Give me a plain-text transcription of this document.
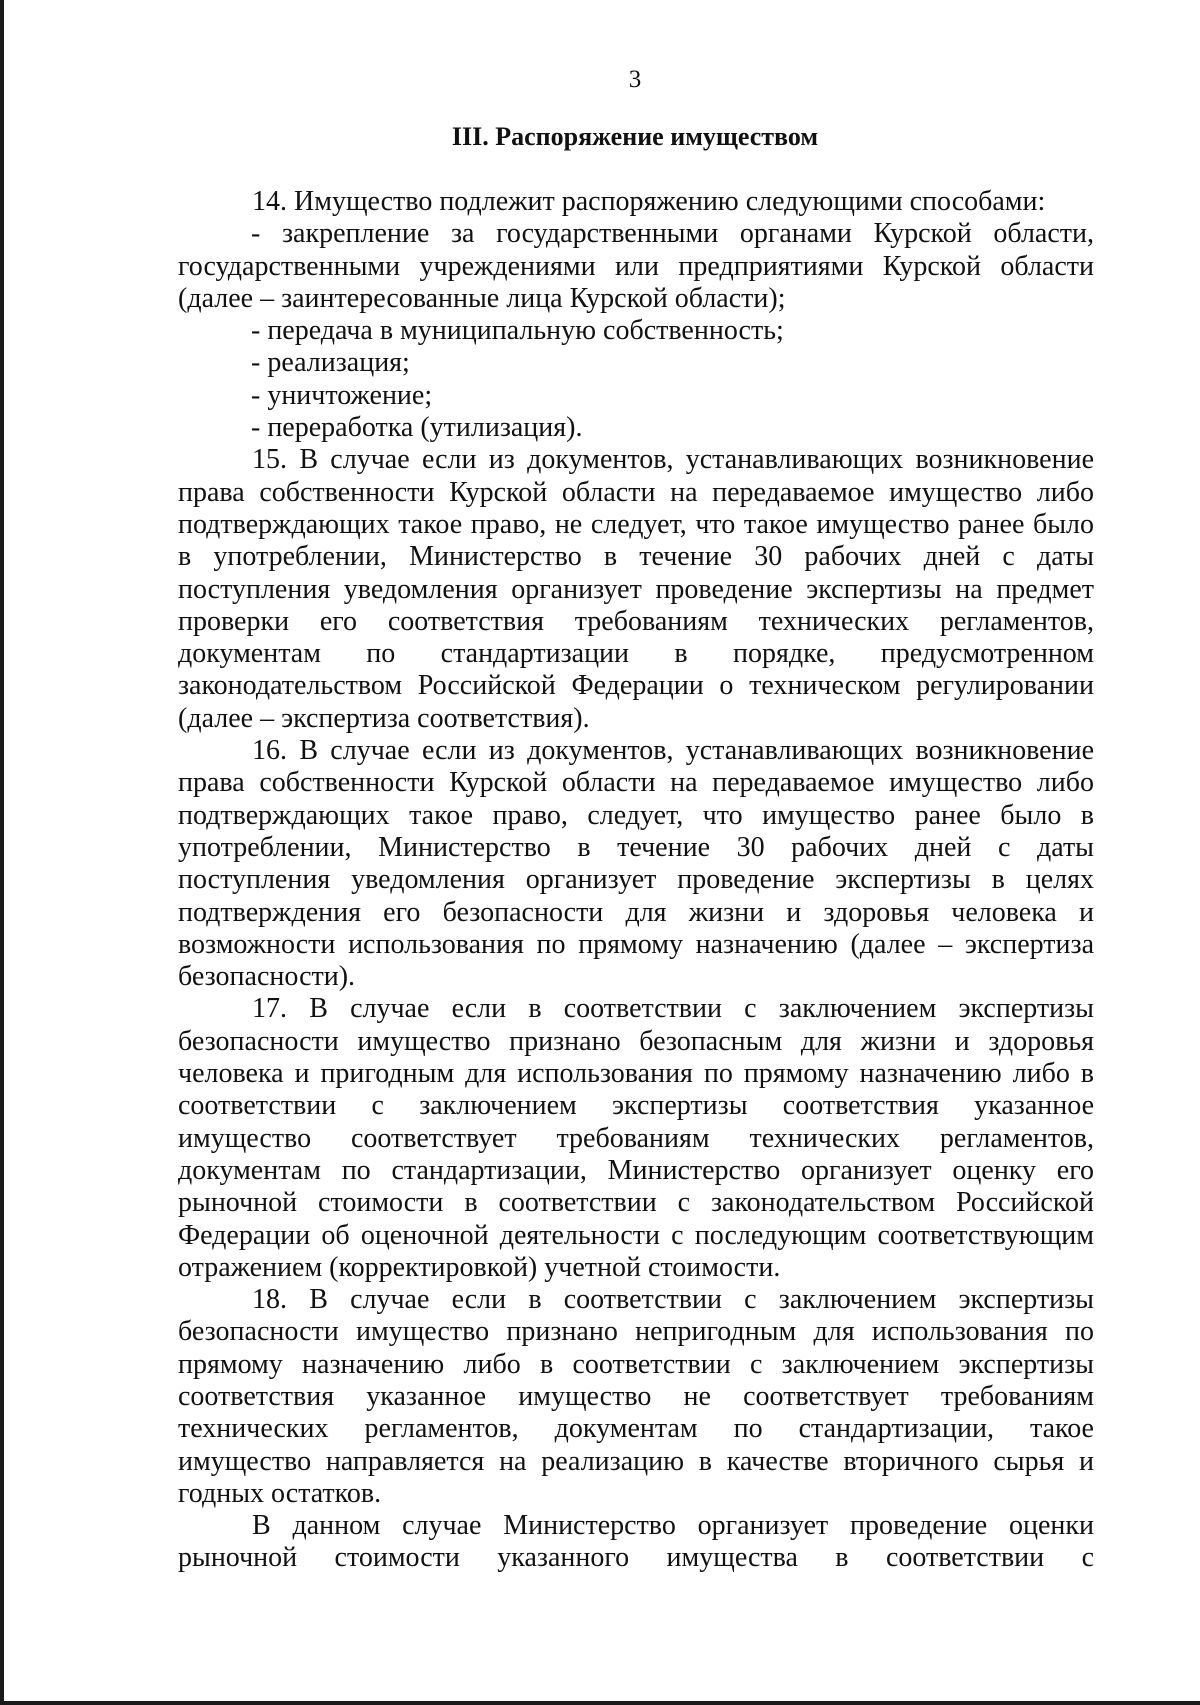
3
III. Распоряжение имуществом
14. Имущество подлежит распоряжению следующими способами:
- закрепление за государственными органами Курской области,
государственными учреждениями или предприятиями Курской области
(далее – заинтересованные лица Курской области);
- передача в муниципальную собственность;
- реализация;
- уничтожение;
- переработка (утилизация).
15. В случае если из документов, устанавливающих возникновение
права собственности Курской области на передаваемое имущество либо
подтверждающих такое право, не следует, что такое имущество ранее было
в употреблении, Министерство в течение 30 рабочих дней с даты
поступления уведомления организует проведение экспертизы на предмет
проверки его соответствия требованиям технических регламентов,
документам по стандартизации в порядке, предусмотренном
законодательством Российской Федерации о техническом регулировании
(далее – экспертиза соответствия).
16. В случае если из документов, устанавливающих возникновение
права собственности Курской области на передаваемое имущество либо
подтверждающих такое право, следует, что имущество ранее было в
употреблении, Министерство в течение 30 рабочих дней с даты
поступления уведомления организует проведение экспертизы в целях
подтверждения его безопасности для жизни и здоровья человека и
возможности использования по прямому назначению (далее – экспертиза
безопасности).
17. В случае если в соответствии с заключением экспертизы
безопасности имущество признано безопасным для жизни и здоровья
человека и пригодным для использования по прямому назначению либо в
соответствии с заключением экспертизы соответствия указанное
имущество соответствует требованиям технических регламентов,
документам по стандартизации, Министерство организует оценку его
рыночной стоимости в соответствии с законодательством Российской
Федерации об оценочной деятельности с последующим соответствующим
отражением (корректировкой) учетной стоимости.
18. В случае если в соответствии с заключением экспертизы
безопасности имущество признано непригодным для использования по
прямому назначению либо в соответствии с заключением экспертизы
соответствия указанное имущество не соответствует требованиям
технических регламентов, документам по стандартизации, такое
имущество направляется на реализацию в качестве вторичного сырья и
годных остатков.
В данном случае Министерство организует проведение оценки
рыночной стоимости указанного имущества в соответствии с
